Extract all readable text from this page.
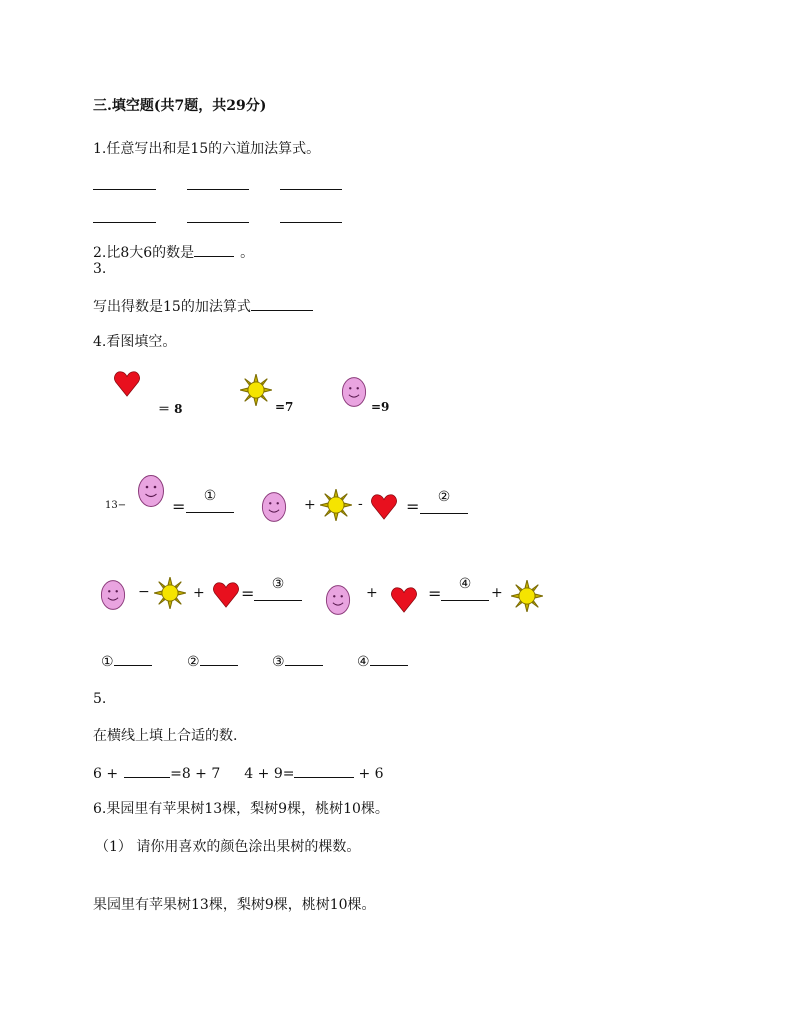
三.填空题(共7题，共29分)
1.任意写出和是15的六道加法算式。
2.比8大6的数是	。
3.
写出得数是15的加法算式
4.看图填空。
＝ 8	=7	=9
13−	=
①
+	-	=	②
−	+ =	③
+	=	④
+
①	②	③	④
5.
在横线上填上合适的数.
6 +	=8 + 7 4 + 9=	+ 6
6.果园里有苹果树13棵，梨树9棵，桃树10棵。
（1） 请你用喜欢的颜色涂出果树的棵数。
果园里有苹果树13棵，梨树9棵，桃树10棵。
